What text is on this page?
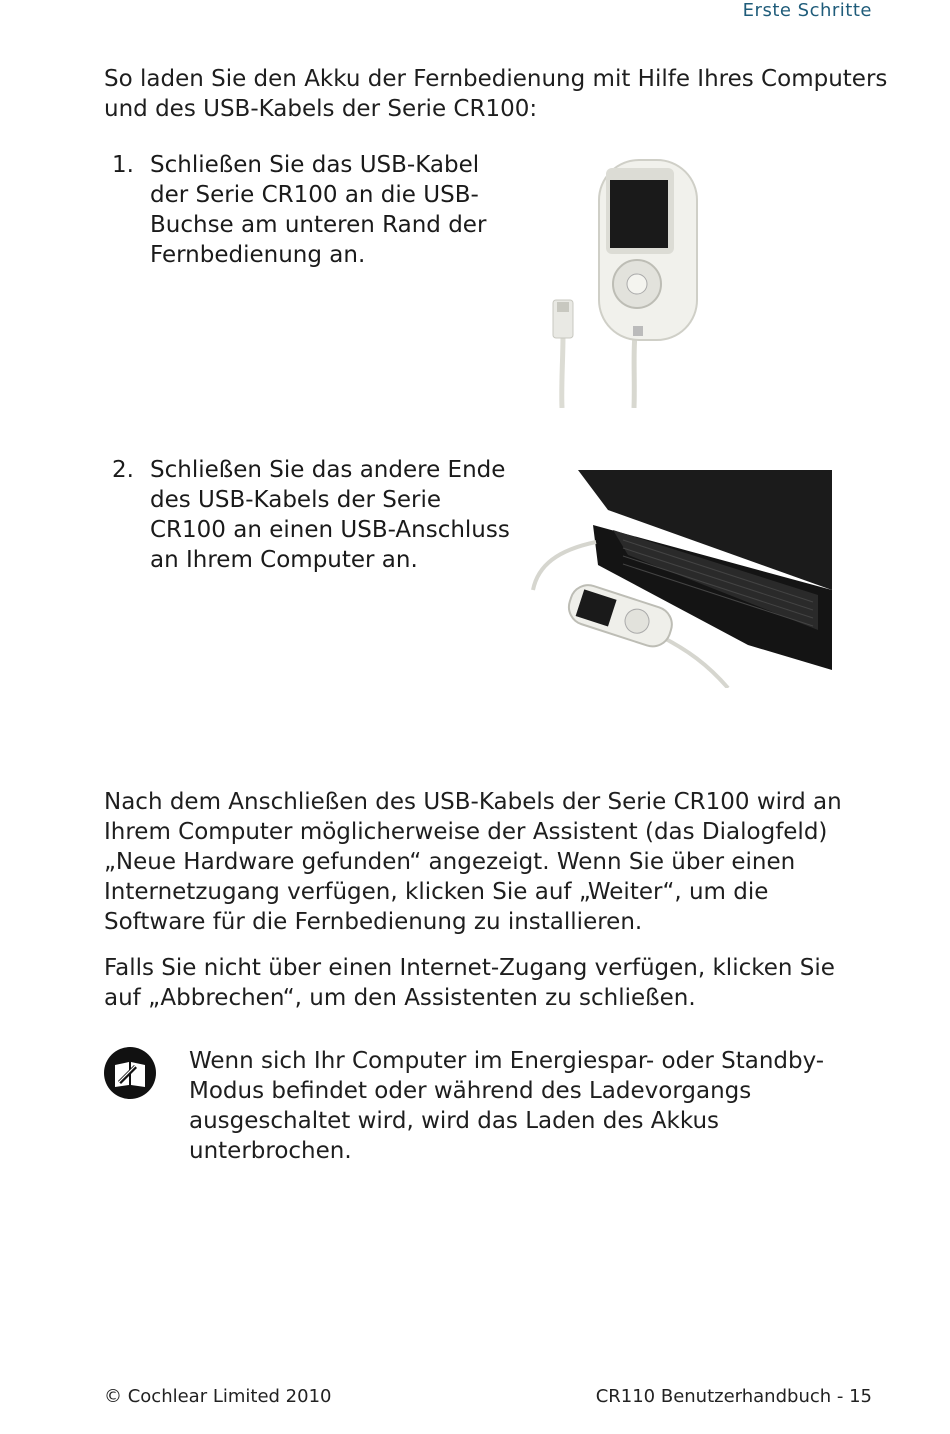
Erste Schritte
So laden Sie den Akku der Fernbedienung mit Hilfe Ihres Computers und des USB-Kabels der Serie CR100:
1. Schließen Sie das USB-Kabel der Serie CR100 an die USB-Buchse am unteren Rand der Fernbedienung an.
2. Schließen Sie das andere Ende des USB-Kabels der Serie CR100 an einen USB-Anschluss an Ihrem Computer an.
Nach dem Anschließen des USB-Kabels der Serie CR100 wird an Ihrem Computer möglicherweise der Assistent (das Dialogfeld) „Neue Hardware gefunden“ angezeigt. Wenn Sie über einen Internetzugang verfügen, klicken Sie auf „Weiter“, um die Software für die Fernbedienung zu installieren.
Falls Sie nicht über einen Internet-Zugang verfügen, klicken Sie auf „Abbrechen“, um den Assistenten zu schließen.
Wenn sich Ihr Computer im Energiespar- oder Standby-Modus befindet oder während des Ladevorgangs ausgeschaltet wird, wird das Laden des Akkus unterbrochen.
© Cochlear Limited 2010	CR110 Benutzerhandbuch - 15
